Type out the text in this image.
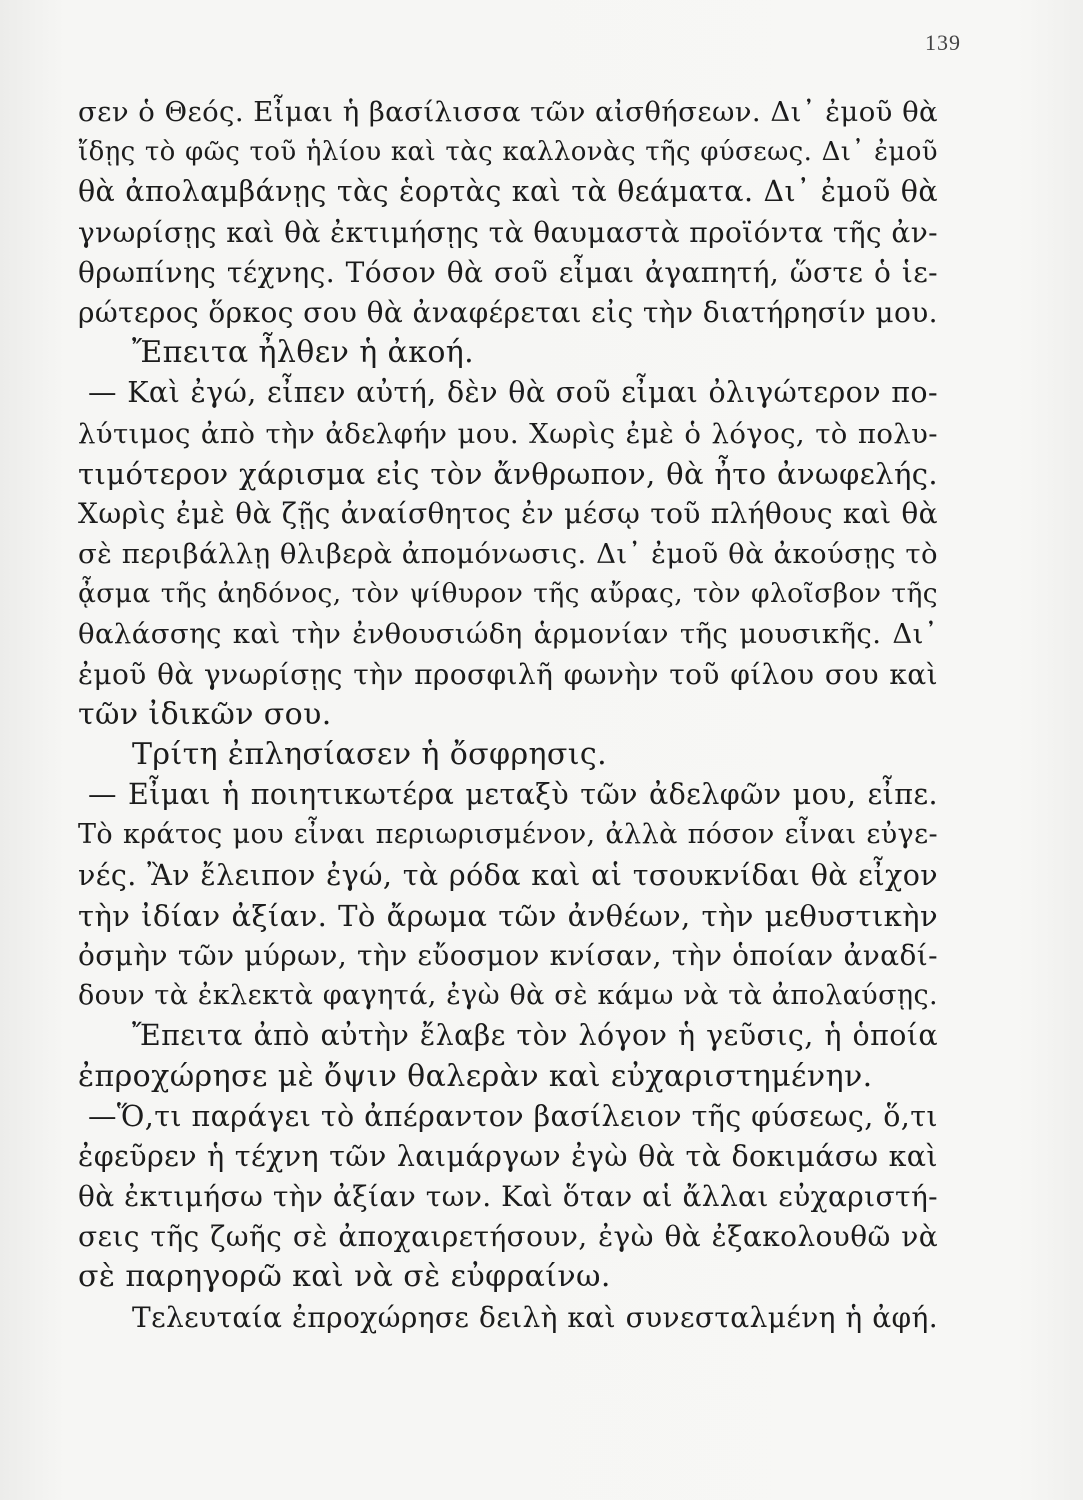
139
σεν ὁ Θεός. Εἶμαι ἡ βασίλισσα τῶν αἰσθήσεων. Δι᾽ ἐμοῦ θὰ
ἴδῃς τὸ φῶς τοῦ ἡλίου καὶ τὰς καλλονὰς τῆς φύσεως. Δι᾽ ἐμοῦ
θὰ ἀπολαμβάνῃς τὰς ἑορτὰς καὶ τὰ θεάματα. Δι᾽ ἐμοῦ θὰ
γνωρίσῃς καὶ θὰ ἐκτιμήσῃς τὰ θαυμαστὰ προϊόντα τῆς ἀν-
θρωπίνης τέχνης. Τόσον θὰ σοῦ εἶμαι ἀγαπητή, ὥστε ὁ ἱε-
ρώτερος ὅρκος σου θὰ ἀναφέρεται εἰς τὴν διατήρησίν μου.
Ἔπειτα ἦλθεν ἡ ἀκοή.
— Καὶ ἐγώ, εἶπεν αὐτή, δὲν θὰ σοῦ εἶμαι ὀλιγώτερον πο-
λύτιμος ἀπὸ τὴν ἀδελφήν μου. Χωρὶς ἐμὲ ὁ λόγος, τὸ πολυ-
τιμότερον χάρισμα εἰς τὸν ἄνθρωπον, θὰ ἦτο ἀνωφελής.
Χωρὶς ἐμὲ θὰ ζῇς ἀναίσθητος ἐν μέσῳ τοῦ πλήθους καὶ θὰ
σὲ περιβάλλῃ θλιβερὰ ἀπομόνωσις. Δι᾽ ἐμοῦ θὰ ἀκούσῃς τὸ
ᾆσμα τῆς ἀηδόνος, τὸν ψίθυρον τῆς αὔρας, τὸν φλοῖσβον τῆς
θαλάσσης καὶ τὴν ἐνθουσιώδη ἁρμονίαν τῆς μουσικῆς. Δι᾽
ἐμοῦ θὰ γνωρίσῃς τὴν προσφιλῆ φωνὴν τοῦ φίλου σου καὶ
τῶν ἰδικῶν σου.
Τρίτη ἐπλησίασεν ἡ ὄσφρησις.
— Εἶμαι ἡ ποιητικωτέρα μεταξὺ τῶν ἀδελφῶν μου, εἶπε.
Τὸ κράτος μου εἶναι περιωρισμένον, ἀλλὰ πόσον εἶναι εὐγε-
νές. Ἂν ἔλειπον ἐγώ, τὰ ρόδα καὶ αἱ τσουκνίδαι θὰ εἶχον
τὴν ἰδίαν ἀξίαν. Τὸ ἄρωμα τῶν ἀνθέων, τὴν μεθυστικὴν
ὀσμὴν τῶν μύρων, τὴν εὔοσμον κνίσαν, τὴν ὁποίαν ἀναδί-
δουν τὰ ἐκλεκτὰ φαγητά, ἐγὼ θὰ σὲ κάμω νὰ τὰ ἀπολαύσῃς.
Ἔπειτα ἀπὸ αὐτὴν ἔλαβε τὸν λόγον ἡ γεῦσις, ἡ ὁποία
ἐπροχώρησε μὲ ὄψιν θαλερὰν καὶ εὐχαριστημένην.
—Ὅ,τι παράγει τὸ ἀπέραντον βασίλειον τῆς φύσεως, ὅ,τι
ἐφεῦρεν ἡ τέχνη τῶν λαιμάργων ἐγὼ θὰ τὰ δοκιμάσω καὶ
θὰ ἐκτιμήσω τὴν ἀξίαν των. Καὶ ὅταν αἱ ἄλλαι εὐχαριστή-
σεις τῆς ζωῆς σὲ ἀποχαιρετήσουν, ἐγὼ θὰ ἐξακολουθῶ νὰ
σὲ παρηγορῶ καὶ νὰ σὲ εὐφραίνω.
Τελευταία ἐπροχώρησε δειλὴ καὶ συνεσταλμένη ἡ ἀφή.
